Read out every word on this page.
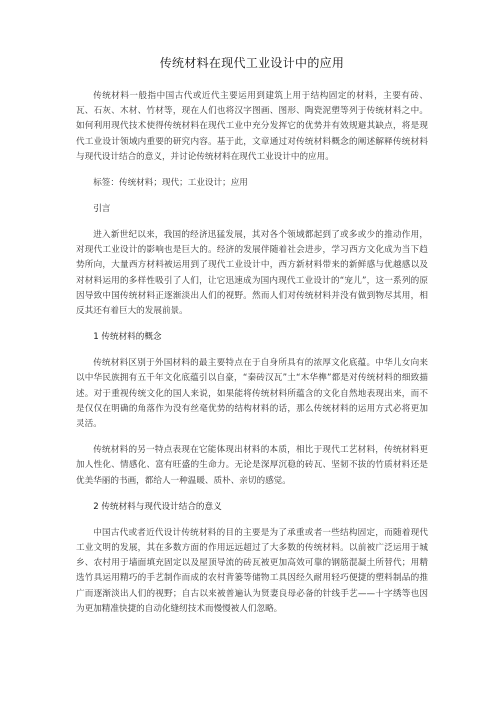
传统材料在现代工业设计中的应用

传统材料一般指中国古代或近代主要运用到建筑上用于结构固定的材料，主要有砖、瓦、石灰、木材、竹材等，现在人们也将汉字图画、图形、陶瓷泥塑等列于传统材料之中。如何利用现代技术使得传统材料在现代工业中充分发挥它的优势并有效规避其缺点，将是现代工业设计领域内重要的研究内容。基于此，文章通过对传统材料概念的阐述解释传统材料与现代设计结合的意义，并讨论传统材料在现代工业设计中的应用。

标签：传统材料；现代；工业设计；应用

引言

进入新世纪以来，我国的经济迅猛发展，其对各个领域都起到了或多或少的推动作用，对现代工业设计的影响也是巨大的。经济的发展伴随着社会进步，学习西方文化成为当下趋势所向，大量西方材料被运用到了现代工业设计中，西方新材料带来的新鲜感与优越感以及对材料运用的多样性吸引了人们，让它迅速成为国内现代工业设计的“宠儿”，这一系列的原因导致中国传统材料正逐渐淡出人们的视野。然而人们对传统材料并没有做到物尽其用，相反其还有着巨大的发展前景。

1 传统材料的概念

传统材料区别于外国材料的最主要特点在于自身所具有的浓厚文化底蕴。中华儿女向来以中华民族拥有五千年文化底蕴引以自豪，“秦砖汉瓦”土“木华榫”都是对传统材料的细致描述。对于重视传统文化的国人来说，如果能将传统材料所蕴含的文化自然地表现出来，而不是仅仅在明确的角落作为没有丝毫优势的结构材料的话，那么传统材料的运用方式必将更加灵活。

传统材料的另一特点表现在它能体现出材料的本质，相比于现代工艺材料，传统材料更加人性化、情感化、富有旺盛的生命力。无论是深厚沉稳的砖瓦、坚韧不拔的竹质材料还是优美华丽的书画，都给人一种温暖、质朴、亲切的感觉。

2 传统材料与现代设计结合的意义

中国古代或者近代设计传统材料的目的主要是为了承重或者一些结构固定，而随着现代工业文明的发展，其在多数方面的作用远远超过了大多数的传统材料。以前被广泛运用于城乡、农村用于墙面填充固定以及屋顶导流的砖瓦被更加高效可靠的钢筋混凝土所替代；用精选竹具运用精巧的手艺制作而成的农村背篓等储物工具因经久耐用轻巧便捷的塑料制品的推广而逐渐淡出人们的视野；自古以来被普遍认为贤妻良母必备的针线手艺——十字绣等也因为更加精准快捷的自动化缝纫技术而慢慢被人们忽略。
